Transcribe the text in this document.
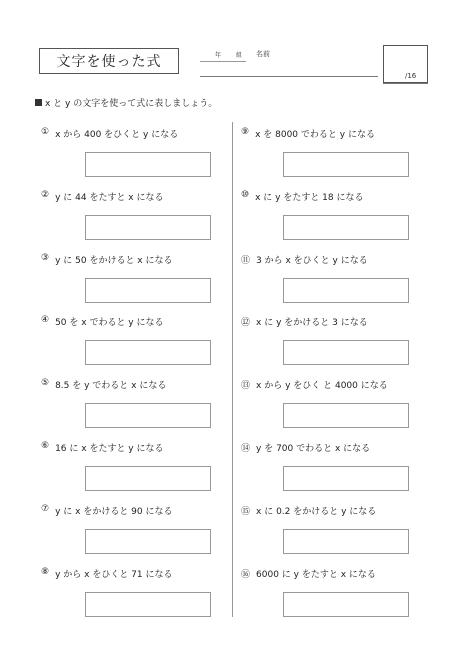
文字を使った式	年 組 名前
/16
x と y の文字を使って式に表しましょう。
① x から 400 をひくと y になる
② y に 44 をたすと x になる
③ y に 50 をかけると x になる
④ 50 を x でわると y になる
⑤ 8.5 を y でわると x になる
⑥ 16 に x をたすと y になる
⑦ y に x をかけると 90 になる
⑧ y から x をひくと 71 になる
⑨ x を 8000 でわると y になる
⑩ x に y をたすと 18 になる
⑪ 3 から x をひくと y になる
⑫ x に y をかけると 3 になる
⑬ x から y をひく と 4000 になる
⑭ y を 700 でわると x になる
⑮ x に 0.2 をかけると y になる
⑯ 6000 に y をたすと x になる
